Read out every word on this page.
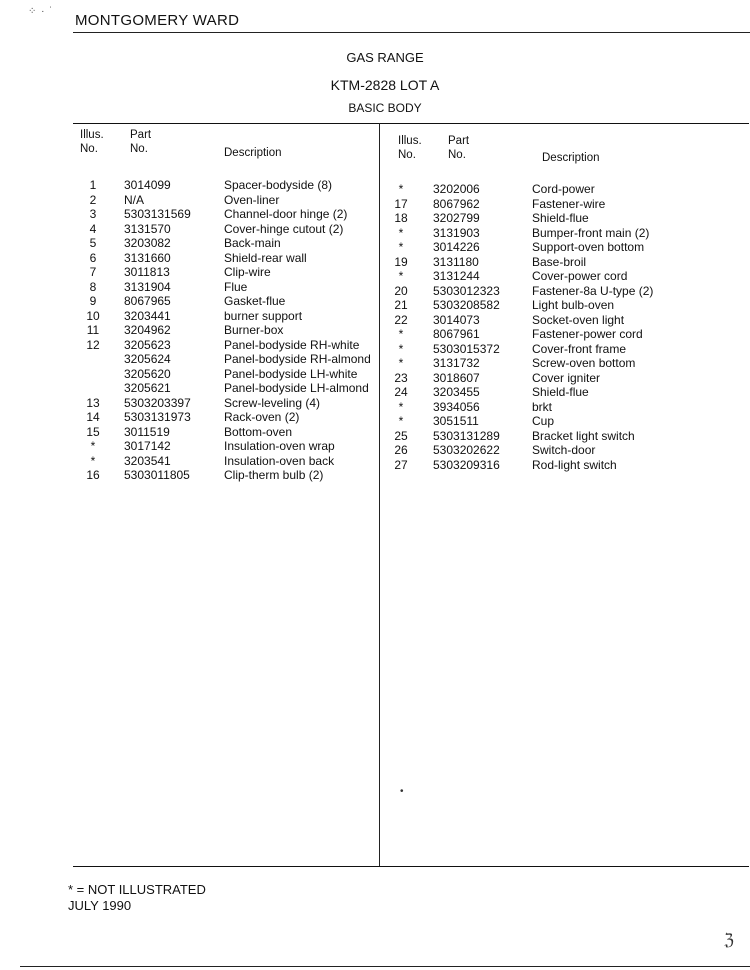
⁘ · ˙
MONTGOMERY WARD
GAS RANGE
KTM-2828 LOT A
BASIC BODY
Illus.
No.
Part
No.	Description
Illus.
No.
Part
No.	Description
1	3014099	Spacer-bodyside (8)
2	N/A	Oven-liner
3	5303131569	Channel-door hinge (2)
4	3131570	Cover-hinge cutout (2)
5	3203082	Back-main
6	3131660	Shield-rear wall
7	3011813	Clip-wire
8	3131904	Flue
9	8067965	Gasket-flue
10	3203441	burner support
11	3204962	Burner-box
12	3205623	Panel-bodyside RH-white
3205624	Panel-bodyside RH-almond
3205620	Panel-bodyside LH-white
3205621	Panel-bodyside LH-almond
13	5303203397	Screw-leveling (4)
14	5303131973	Rack-oven (2)
15	3011519	Bottom-oven
*	3017142	Insulation-oven wrap
*	3203541	Insulation-oven back
16	5303011805	Clip-therm bulb (2)
*	3202006	Cord-power
17	8067962	Fastener-wire
18	3202799	Shield-flue
*	3131903	Bumper-front main (2)
*	3014226	Support-oven bottom
19	3131180	Base-broil
*	3131244	Cover-power cord
20	5303012323	Fastener-8a U-type (2)
21	5303208582	Light bulb-oven
22	3014073	Socket-oven light
*	8067961	Fastener-power cord
*	5303015372	Cover-front frame
*	3131732	Screw-oven bottom
23	3018607	Cover igniter
24	3203455	Shield-flue
*	3934056	brkt
*	3051511	Cup
25	5303131289	Bracket light switch
26	5303202622	Switch-door
27	5303209316	Rod-light switch
•
* = NOT ILLUSTRATED
JULY 1990
ℨ
